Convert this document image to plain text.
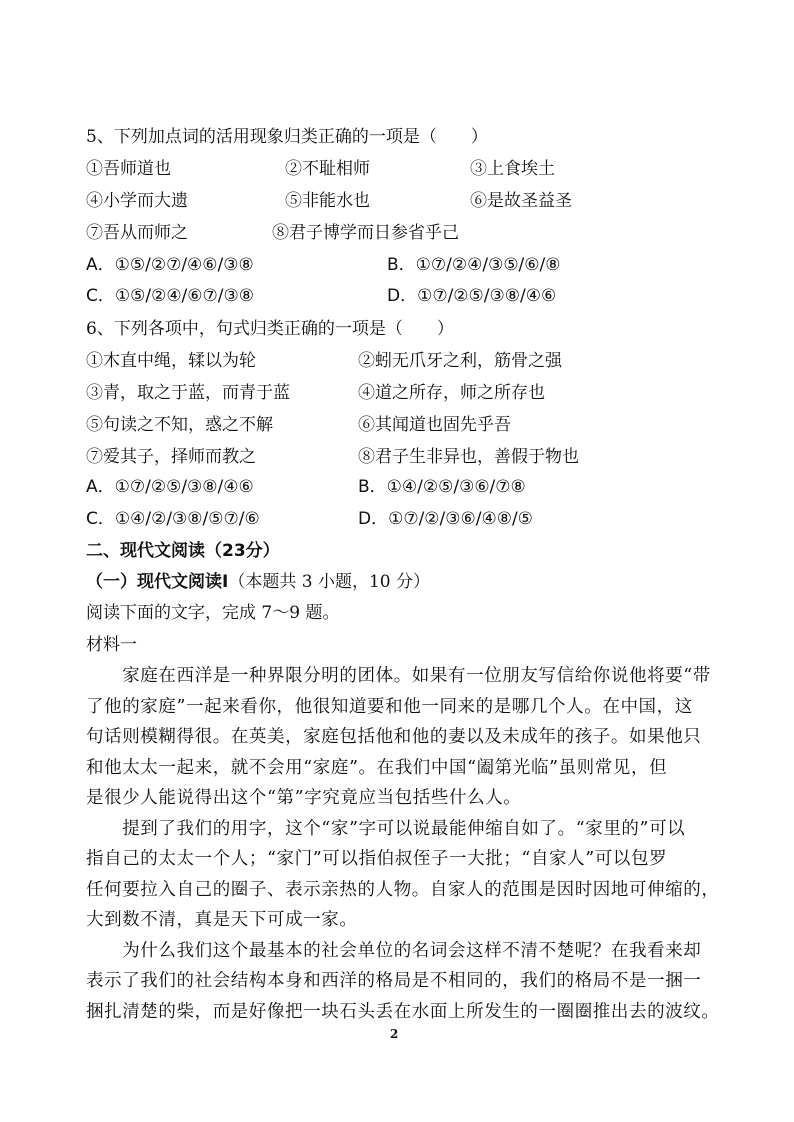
5、下列加点词的活用现象归类正确的一项是（　　）
①吾师道也	②不耻相师	③上食埃土
④小学而大遗	⑤非能水也	⑥是故圣益圣
⑦吾从而师之	⑧君子博学而日参省乎己
A．①⑤/②⑦/④⑥/③⑧	B．①⑦/②④/③⑤/⑥/⑧
C．①⑤/②④/⑥⑦/③⑧	D．①⑦/②⑤/③⑧/④⑥
6、下列各项中，句式归类正确的一项是（　　）
①木直中绳，𫐓以为轮	②蚓无爪牙之利，筋骨之强
③青，取之于蓝，而青于蓝	④道之所存，师之所存也
⑤句读之不知，惑之不解	⑥其闻道也固先乎吾
⑦爱其子，择师而教之	⑧君子生非异也，善假于物也
A．①⑦/②⑤/③⑧/④⑥	B．①④/②⑤/③⑥/⑦⑧
C．①④/②/③⑧/⑤⑦/⑥	D．①⑦/②/③⑥/④⑧/⑤
二、现代文阅读（23分）
（一）现代文阅读Ⅰ（本题共 3 小题，10 分）
阅读下面的文字，完成 7～9 题。
材料一
　　家庭在西洋是一种界限分明的团体。如果有一位朋友写信给你说他将要“带
了他的家庭”一起来看你，他很知道要和他一同来的是哪几个人。在中国，这
句话则模糊得很。在英美，家庭包括他和他的妻以及未成年的孩子。如果他只
和他太太一起来，就不会用“家庭”。在我们中国“阖第光临”虽则常见，但
是很少人能说得出这个“第”字究竟应当包括些什么人。
　　提到了我们的用字，这个“家”字可以说最能伸缩自如了。“家里的”可以
指自己的太太一个人；“家门”可以指伯叔侄子一大批；“自家人”可以包罗
任何要拉入自己的圈子、表示亲热的人物。自家人的范围是因时因地可伸缩的，
大到数不清，真是天下可成一家。
　　为什么我们这个最基本的社会单位的名词会这样不清不楚呢？在我看来却
表示了我们的社会结构本身和西洋的格局是不相同的，我们的格局不是一捆一
捆扎清楚的柴，而是好像把一块石头丢在水面上所发生的一圈圈推出去的波纹。
2
